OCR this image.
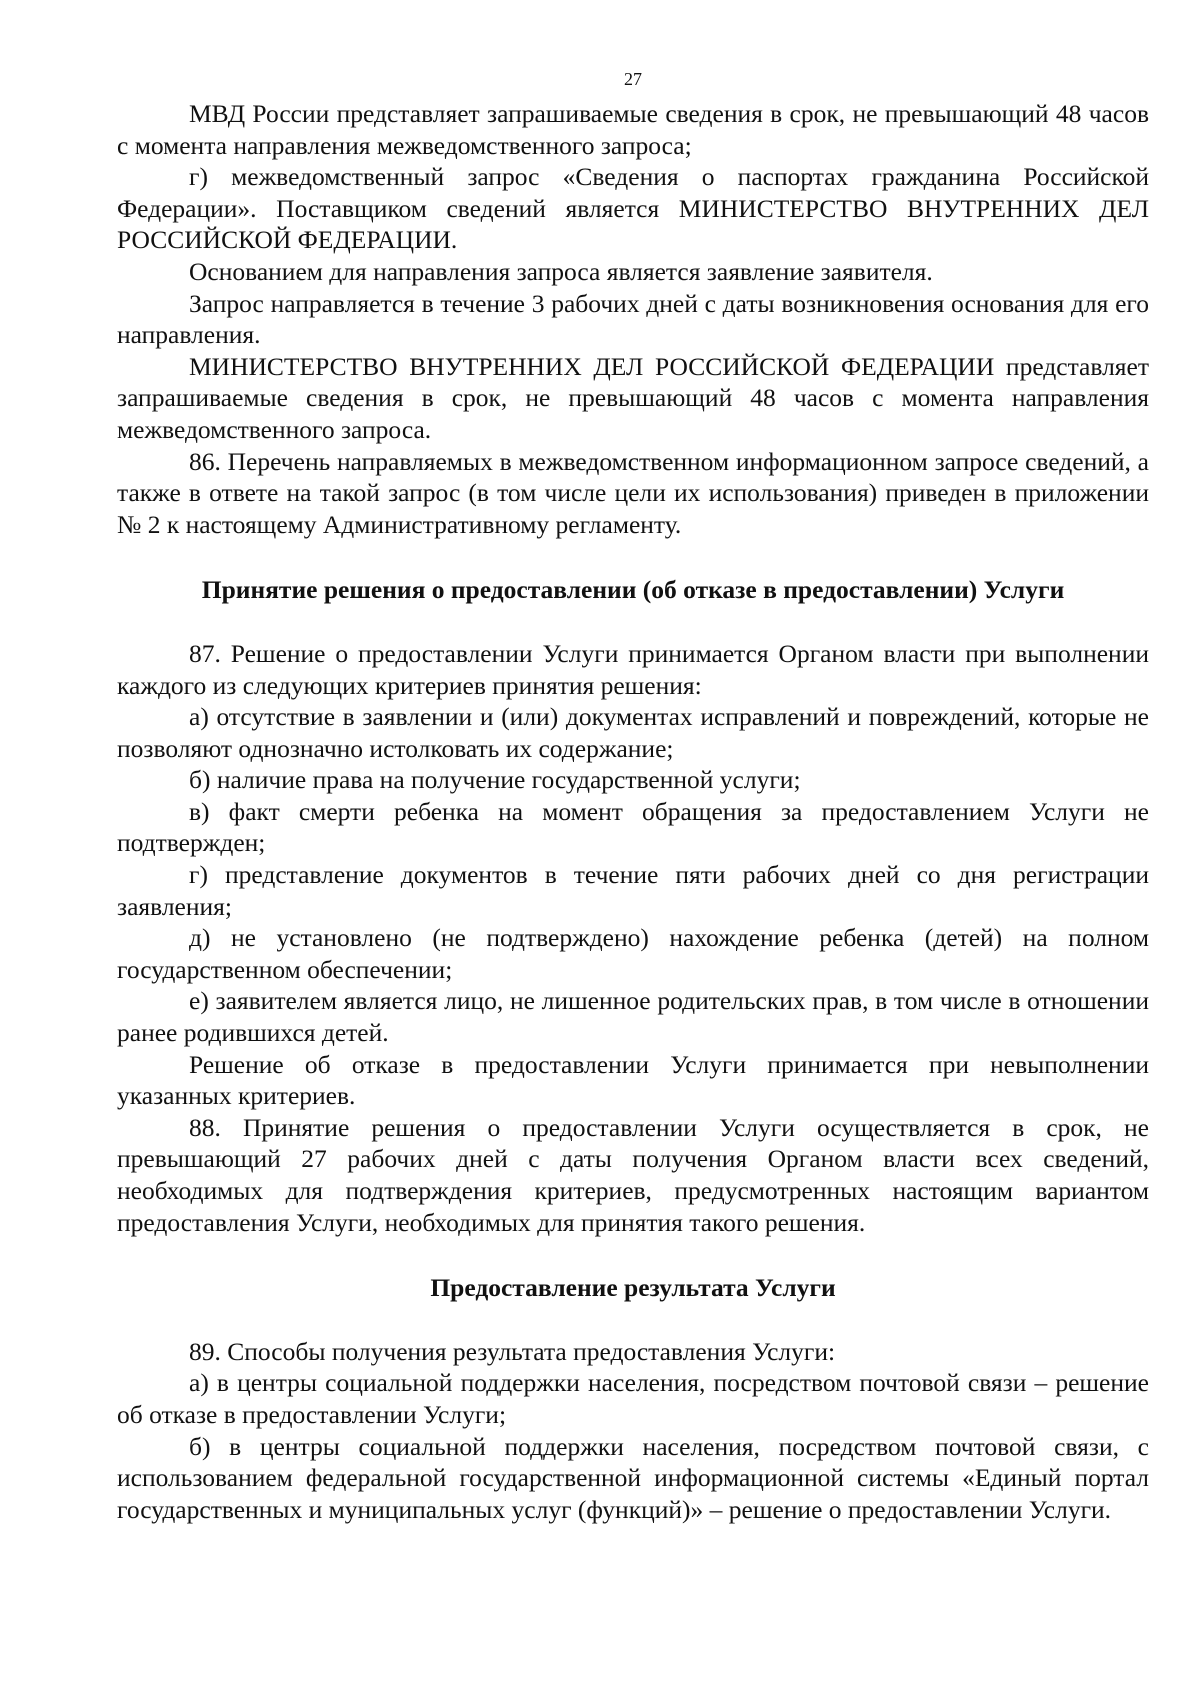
27

МВД России представляет запрашиваемые сведения в срок, не превышающий 48 часов с момента направления межведомственного запроса;

г) межведомственный запрос «Сведения о паспортах гражданина Российской Федерации». Поставщиком сведений является МИНИСТЕРСТВО ВНУТРЕННИХ ДЕЛ РОССИЙСКОЙ ФЕДЕРАЦИИ.

Основанием для направления запроса является заявление заявителя.

Запрос направляется в течение 3 рабочих дней с даты возникновения основания для его направления.

МИНИСТЕРСТВО ВНУТРЕННИХ ДЕЛ РОССИЙСКОЙ ФЕДЕРАЦИИ представляет запрашиваемые сведения в срок, не превышающий 48 часов с момента направления межведомственного запроса.

86. Перечень направляемых в межведомственном информационном запросе сведений, а также в ответе на такой запрос (в том числе цели их использования) приведен в приложении № 2 к настоящему Административному регламенту.

Принятие решения о предоставлении (об отказе в предоставлении) Услуги

87. Решение о предоставлении Услуги принимается Органом власти при выполнении каждого из следующих критериев принятия решения:

а) отсутствие в заявлении и (или) документах исправлений и повреждений, которые не позволяют однозначно истолковать их содержание;

б) наличие права на получение государственной услуги;

в) факт смерти ребенка на момент обращения за предоставлением Услуги не подтвержден;

г) представление документов в течение пяти рабочих дней со дня регистрации заявления;

д) не установлено (не подтверждено) нахождение ребенка (детей) на полном государственном обеспечении;

е) заявителем является лицо, не лишенное родительских прав, в том числе в отношении ранее родившихся детей.

Решение об отказе в предоставлении Услуги принимается при невыполнении указанных критериев.

88. Принятие решения о предоставлении Услуги осуществляется в срок, не превышающий 27 рабочих дней с даты получения Органом власти всех сведений, необходимых для подтверждения критериев, предусмотренных настоящим вариантом предоставления Услуги, необходимых для принятия такого решения.

Предоставление результата Услуги

89. Способы получения результата предоставления Услуги:

а) в центры социальной поддержки населения, посредством почтовой связи – решение об отказе в предоставлении Услуги;

б) в центры социальной поддержки населения, посредством почтовой связи, с использованием федеральной государственной информационной системы «Единый портал государственных и муниципальных услуг (функций)» – решение о предоставлении Услуги.
